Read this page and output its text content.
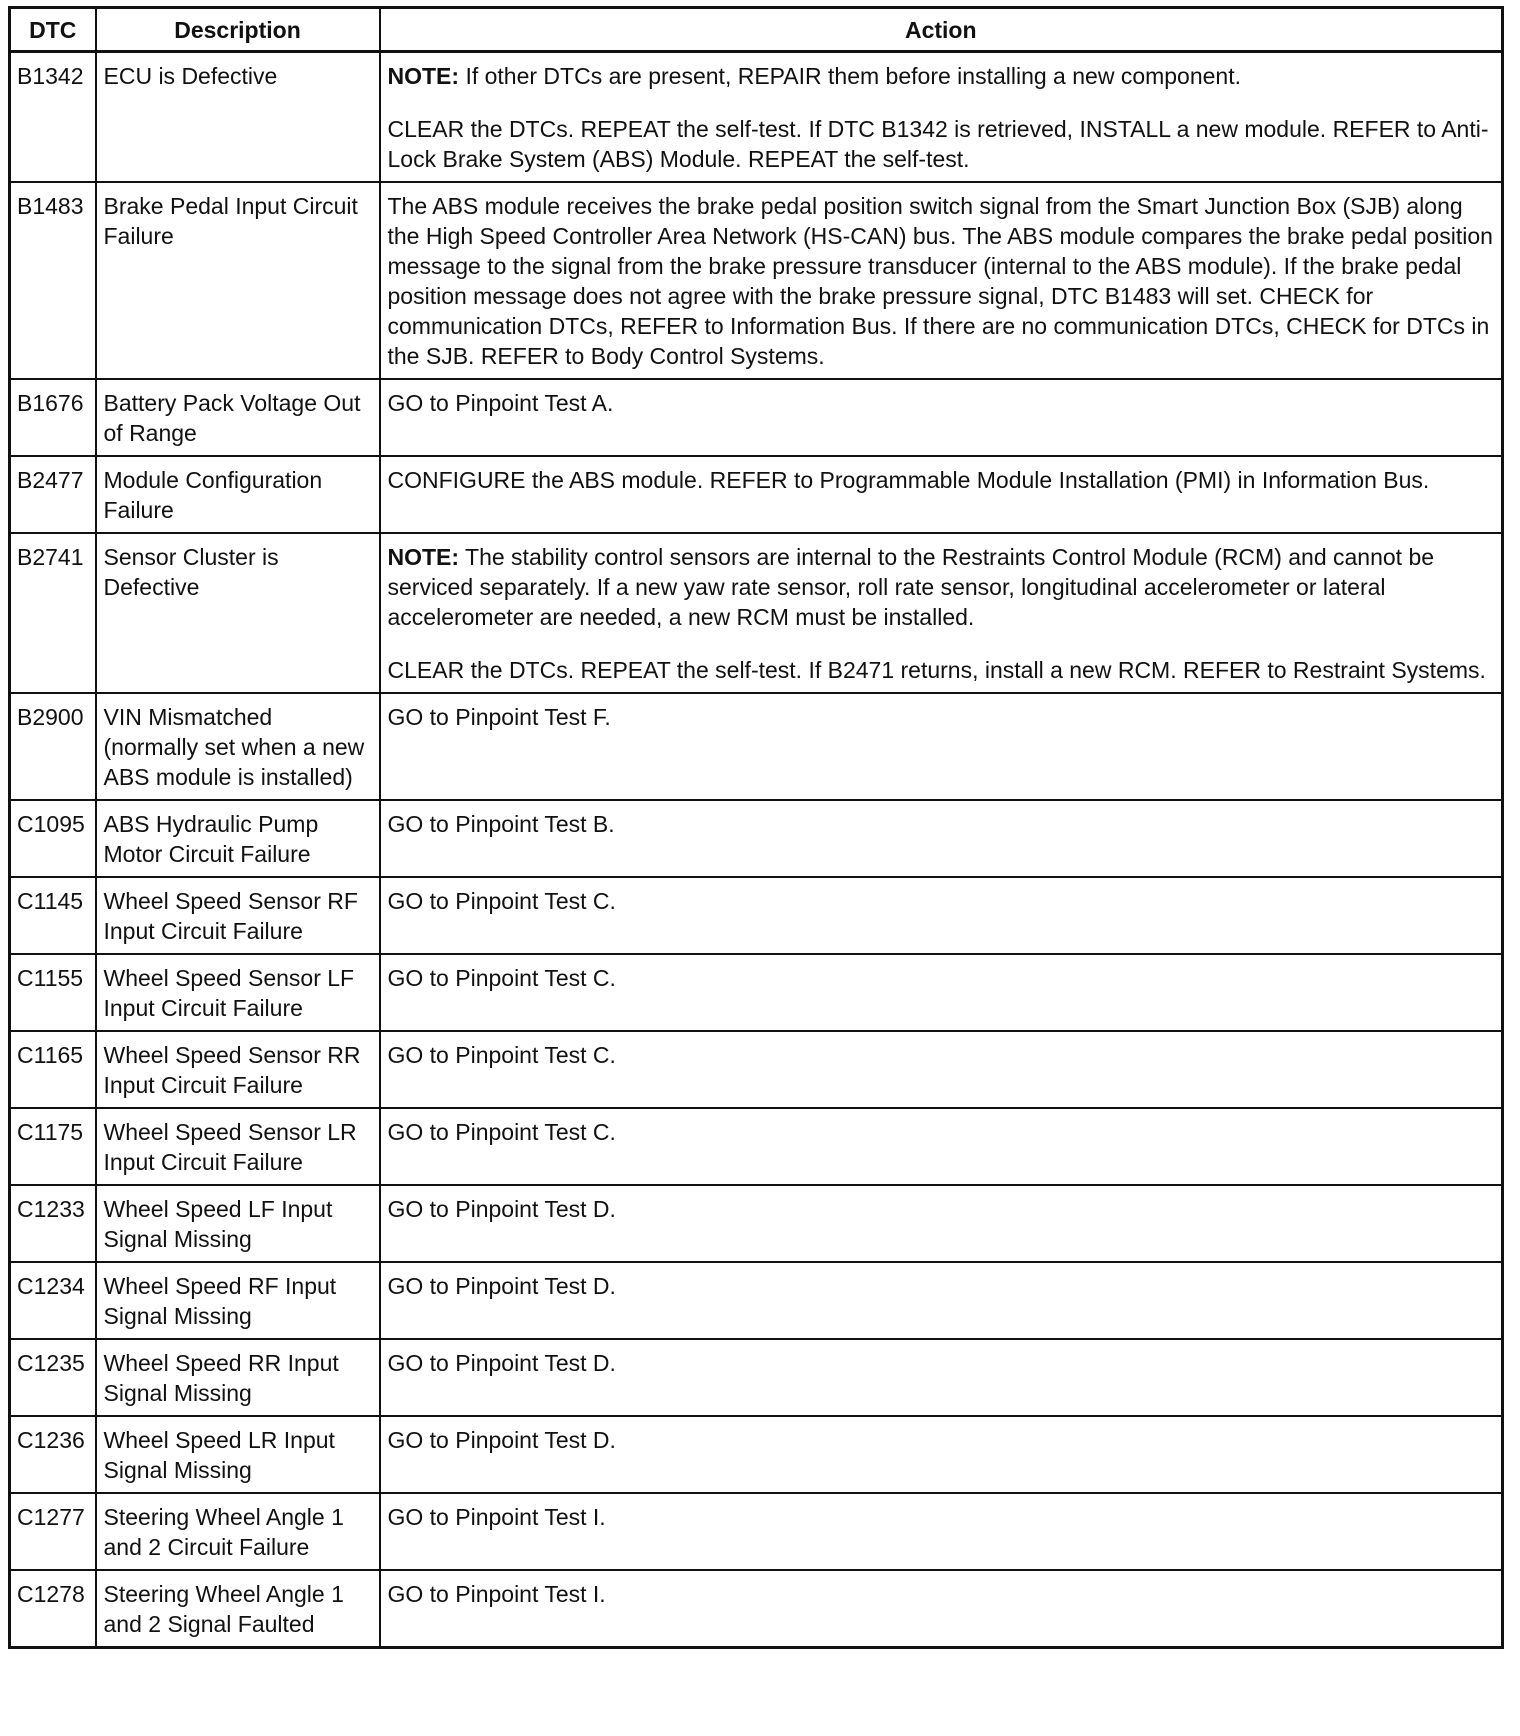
DTC	Description	Action
B1342	ECU is Defective	NOTE: If other DTCs are present, REPAIR them before installing a new component.

CLEAR the DTCs. REPEAT the self-test. If DTC B1342 is retrieved, INSTALL a new module. REFER to Anti-Lock Brake System (ABS) Module. REPEAT the self-test.

B1483	Brake Pedal Input Circuit Failure	The ABS module receives the brake pedal position switch signal from the Smart Junction Box (SJB) along the High Speed Controller Area Network (HS-CAN) bus. The ABS module compares the brake pedal position message to the signal from the brake pressure transducer (internal to the ABS module). If the brake pedal position message does not agree with the brake pressure signal, DTC B1483 will set. CHECK for communication DTCs, REFER to Information Bus. If there are no communication DTCs, CHECK for DTCs in the SJB. REFER to Body Control Systems.

B1676	Battery Pack Voltage Out of Range	GO to Pinpoint Test A.

B2477	Module Configuration Failure	CONFIGURE the ABS module. REFER to Programmable Module Installation (PMI) in Information Bus.

B2741	Sensor Cluster is Defective	NOTE: The stability control sensors are internal to the Restraints Control Module (RCM) and cannot be serviced separately. If a new yaw rate sensor, roll rate sensor, longitudinal accelerometer or lateral accelerometer are needed, a new RCM must be installed.

CLEAR the DTCs. REPEAT the self-test. If B2471 returns, install a new RCM. REFER to Restraint Systems.

B2900	VIN Mismatched (normally set when a new ABS module is installed)	GO to Pinpoint Test F.

C1095	ABS Hydraulic Pump Motor Circuit Failure	GO to Pinpoint Test B.

C1145	Wheel Speed Sensor RF Input Circuit Failure	GO to Pinpoint Test C.

C1155	Wheel Speed Sensor LF Input Circuit Failure	GO to Pinpoint Test C.

C1165	Wheel Speed Sensor RR Input Circuit Failure	GO to Pinpoint Test C.

C1175	Wheel Speed Sensor LR Input Circuit Failure	GO to Pinpoint Test C.

C1233	Wheel Speed LF Input Signal Missing	GO to Pinpoint Test D.

C1234	Wheel Speed RF Input Signal Missing	GO to Pinpoint Test D.

C1235	Wheel Speed RR Input Signal Missing	GO to Pinpoint Test D.

C1236	Wheel Speed LR Input Signal Missing	GO to Pinpoint Test D.

C1277	Steering Wheel Angle 1 and 2 Circuit Failure	GO to Pinpoint Test I.

C1278	Steering Wheel Angle 1 and 2 Signal Faulted	GO to Pinpoint Test I.
